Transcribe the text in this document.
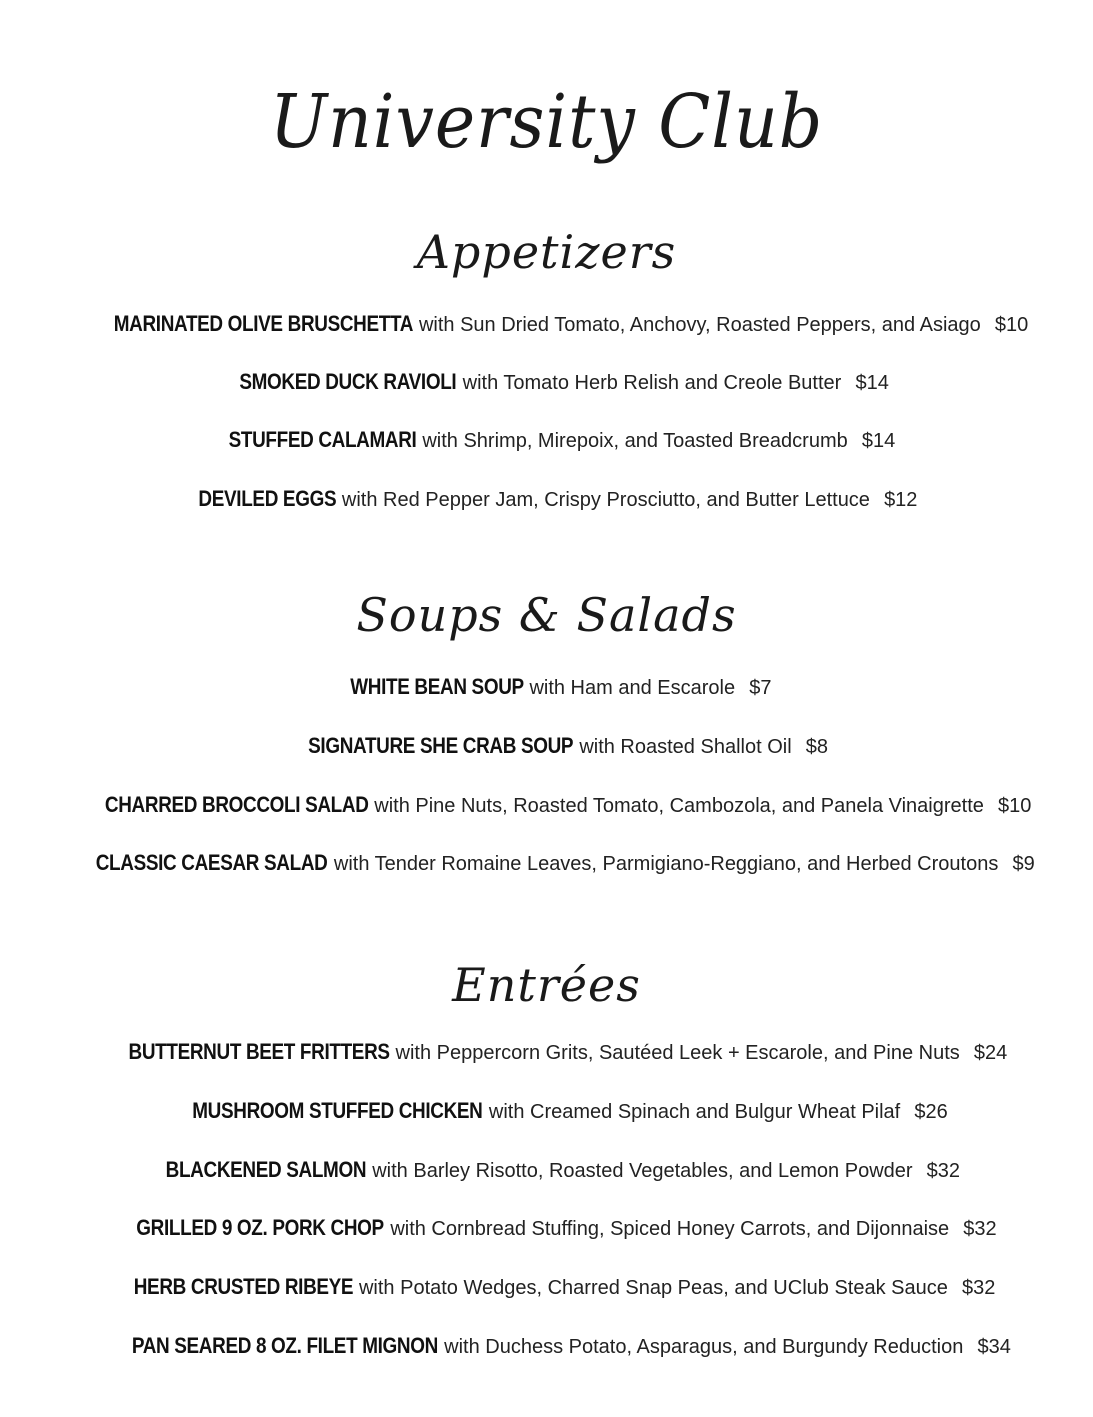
University Club
Appetizers
MARINATED OLIVE BRUSCHETTA with Sun Dried Tomato, Anchovy, Roasted Peppers, and Asiago $10
SMOKED DUCK RAVIOLI with Tomato Herb Relish and Creole Butter $14
STUFFED CALAMARI with Shrimp, Mirepoix, and Toasted Breadcrumb $14
DEVILED EGGS with Red Pepper Jam, Crispy Prosciutto, and Butter Lettuce $12
Soups & Salads
WHITE BEAN SOUP with Ham and Escarole $7
SIGNATURE SHE CRAB SOUP with Roasted Shallot Oil $8
CHARRED BROCCOLI SALAD with Pine Nuts, Roasted Tomato, Cambozola, and Panela Vinaigrette $10
CLASSIC CAESAR SALAD with Tender Romaine Leaves, Parmigiano-Reggiano, and Herbed Croutons $9
Entrées
BUTTERNUT BEET FRITTERS with Peppercorn Grits, Sautéed Leek + Escarole, and Pine Nuts $24
MUSHROOM STUFFED CHICKEN with Creamed Spinach and Bulgur Wheat Pilaf $26
BLACKENED SALMON with Barley Risotto, Roasted Vegetables, and Lemon Powder $32
GRILLED 9 OZ. PORK CHOP with Cornbread Stuffing, Spiced Honey Carrots, and Dijonnaise $32
HERB CRUSTED RIBEYE with Potato Wedges, Charred Snap Peas, and UClub Steak Sauce $32
PAN SEARED 8 OZ. FILET MIGNON with Duchess Potato, Asparagus, and Burgundy Reduction $34
